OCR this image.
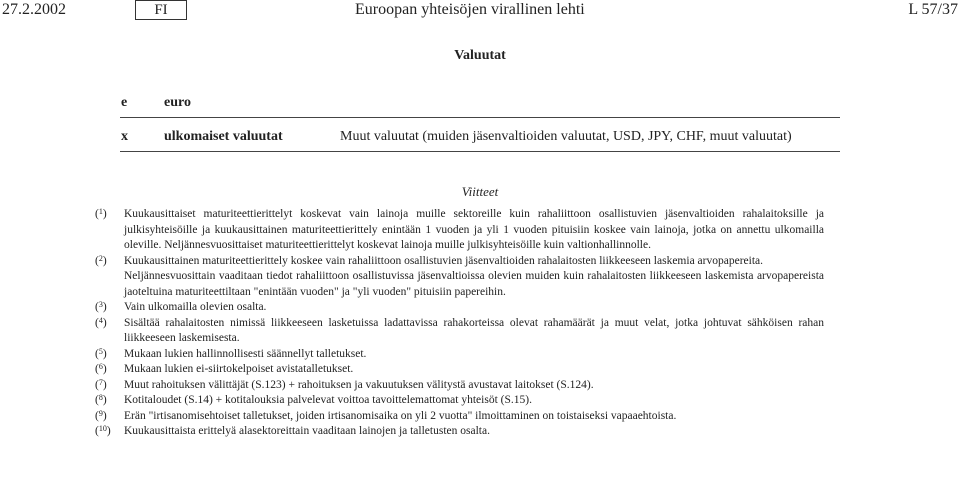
27.2.2002	FI	Euroopan yhteisöjen virallinen lehti	L 57/37
Valuutat
e	euro
x	ulkomaiset valuutat	Muut valuutat (muiden jäsenvaltioiden valuutat, USD, JPY, CHF, muut valuutat)
Viitteet
($^1$) Kuukausittaiset maturiteettierittelyt koskevat vain lainoja muille sektoreille kuin rahaliittoon osallistuvien jäsenvaltioiden rahalaitoksille ja julkisyhteisöille ja kuukausittainen maturiteettierittely enintään 1 vuoden ja yli 1 vuoden pituisiin koskee vain lainoja, jotka on annettu ulkomailla oleville. Neljännesvuosittaiset maturiteettierittelyt koskevat lainoja muille julkisyhteisöille kuin valtionhallinnolle.
($^2$) Kuukausittainen maturiteettierittely koskee vain rahaliittoon osallistuvien jäsenvaltioiden rahalaitosten liikkeeseen laskemia arvopapereita.
Neljännesvuosittain vaaditaan tiedot rahaliittoon osallistuvissa jäsenvaltioissa olevien muiden kuin rahalaitosten liikkeeseen laskemista arvopapereista jaoteltuina maturiteettiltaan "enintään vuoden" ja "yli vuoden" pituisiin papereihin.
($^3$) Vain ulkomailla olevien osalta.
($^4$) Sisältää rahalaitosten nimissä liikkeeseen lasketuissa ladattavissa rahakorteissa olevat rahamäärät ja muut velat, jotka johtuvat sähköisen rahan liikkeeseen laskemisesta.
($^5$) Mukaan lukien hallinnollisesti säännellyt talletukset.
($^6$) Mukaan lukien ei-siirtokelpoiset avistatalletukset.
($^7$) Muut rahoituksen välittäjät (S.123) + rahoituksen ja vakuutuksen välitystä avustavat laitokset (S.124).
($^8$) Kotitaloudet (S.14) + kotitalouksia palvelevat voittoa tavoittelemattomat yhteisöt (S.15).
($^9$) Erän "irtisanomisehtoiset talletukset, joiden irtisanomisaika on yli 2 vuotta" ilmoittaminen on toistaiseksi vapaaehtoista.
($^{10}$) Kuukausittaista erittelyä alasektoreittain vaaditaan lainojen ja talletusten osalta.
